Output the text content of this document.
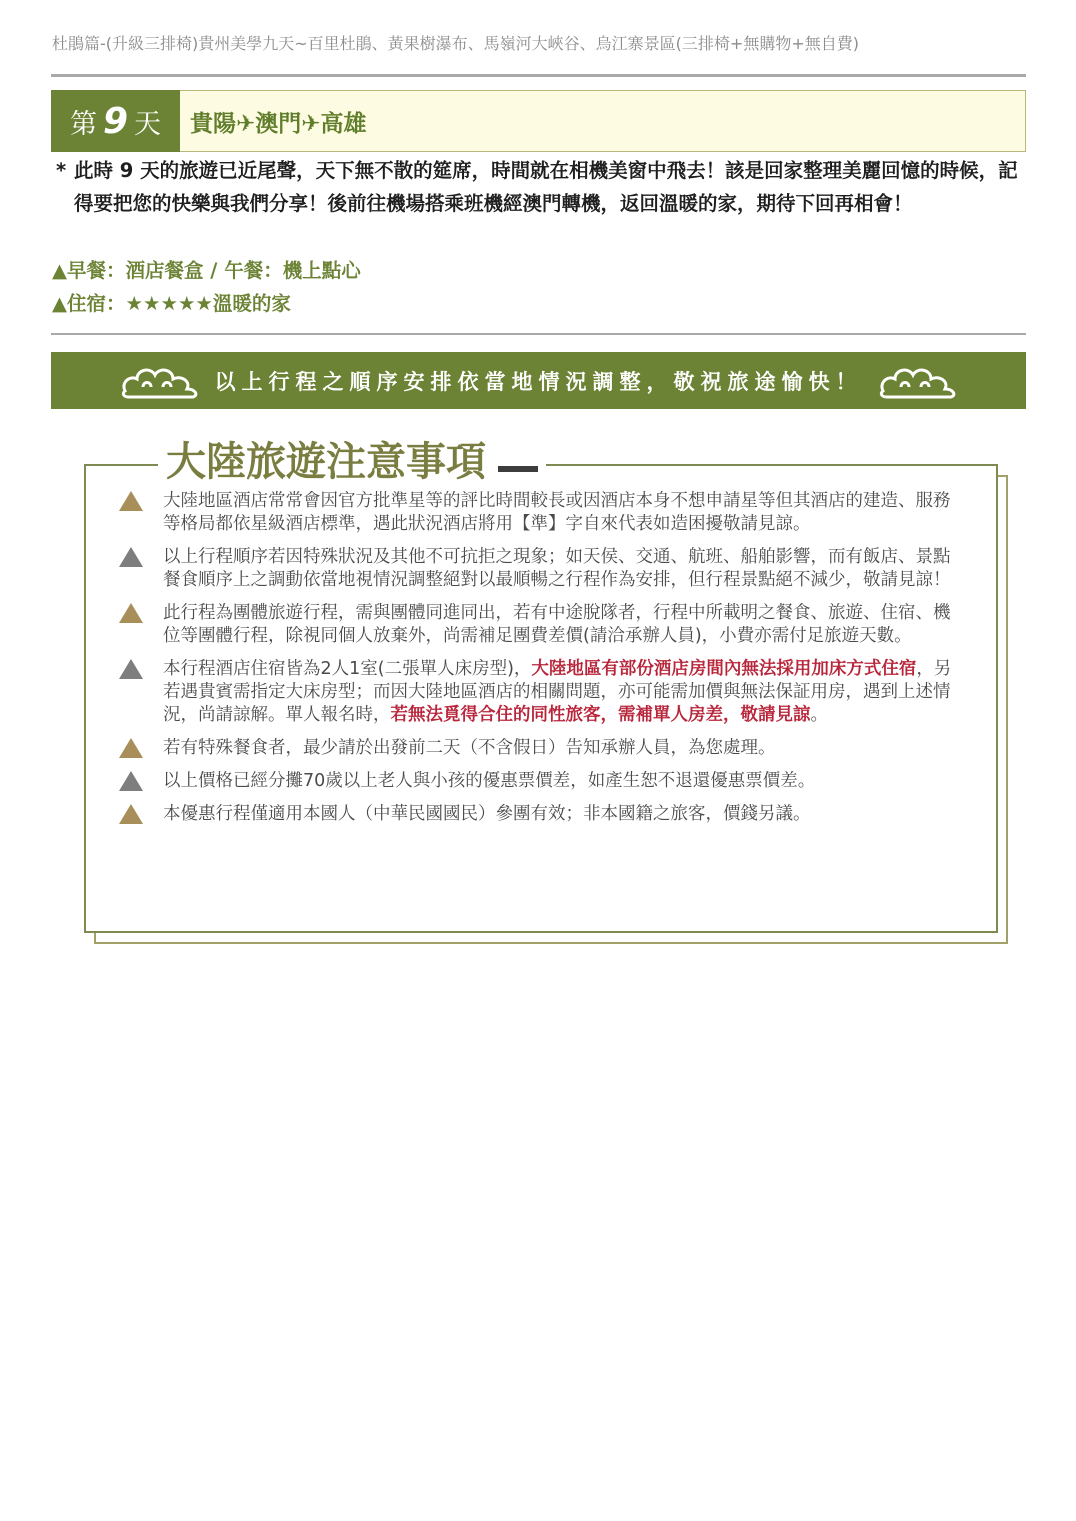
杜鵑篇-(升級三排椅)貴州美學九天~百里杜鵑、黃果樹瀑布、馬嶺河大峽谷、烏江寨景區(三排椅+無購物+無自費)
第 9 天	貴陽✈澳門✈高雄
* 此時 9 天的旅遊已近尾聲，天下無不散的筵席，時間就在相機美窗中飛去！該是回家整理美麗回憶的時候，記得要把您的快樂與我們分享！後前往機場搭乘班機經澳門轉機，返回溫暖的家，期待下回再相會！
▲早餐：酒店餐盒 / 午餐：機上點心
▲住宿：★★★★★溫暖的家
以上行程之順序安排依當地情況調整，敬祝旅途愉快！
大陸旅遊注意事項
大陸地區酒店常常會因官方批準星等的評比時間較長或因酒店本身不想申請星等但其酒店的建造、服務等格局都依星級酒店標準，遇此狀況酒店將用【準】字自來代表如造困擾敬請見諒。
以上行程順序若因特殊狀況及其他不可抗拒之現象；如天侯、交通、航班、船舶影響，而有飯店、景點餐食順序上之調動依當地視情況調整絕對以最順暢之行程作為安排，但行程景點絕不減少，敬請見諒！
此行程為團體旅遊行程，需與團體同進同出，若有中途脫隊者，行程中所載明之餐食、旅遊、住宿、機位等團體行程，除視同個人放棄外，尚需補足團費差價(請洽承辦人員)，小費亦需付足旅遊天數。
本行程酒店住宿皆為2人1室(二張單人床房型)，大陸地區有部份酒店房間內無法採用加床方式住宿，另若遇貴賓需指定大床房型；而因大陸地區酒店的相關問題，亦可能需加價與無法保証用房，遇到上述情況，尚請諒解。單人報名時，若無法覓得合住的同性旅客，需補單人房差，敬請見諒。
若有特殊餐食者，最少請於出發前二天（不含假日）告知承辦人員，為您處理。
以上價格已經分攤70歲以上老人與小孩的優惠票價差，如產生恕不退還優惠票價差。
本優惠行程僅適用本國人（中華民國國民）參團有效；非本國籍之旅客，價錢另議。
